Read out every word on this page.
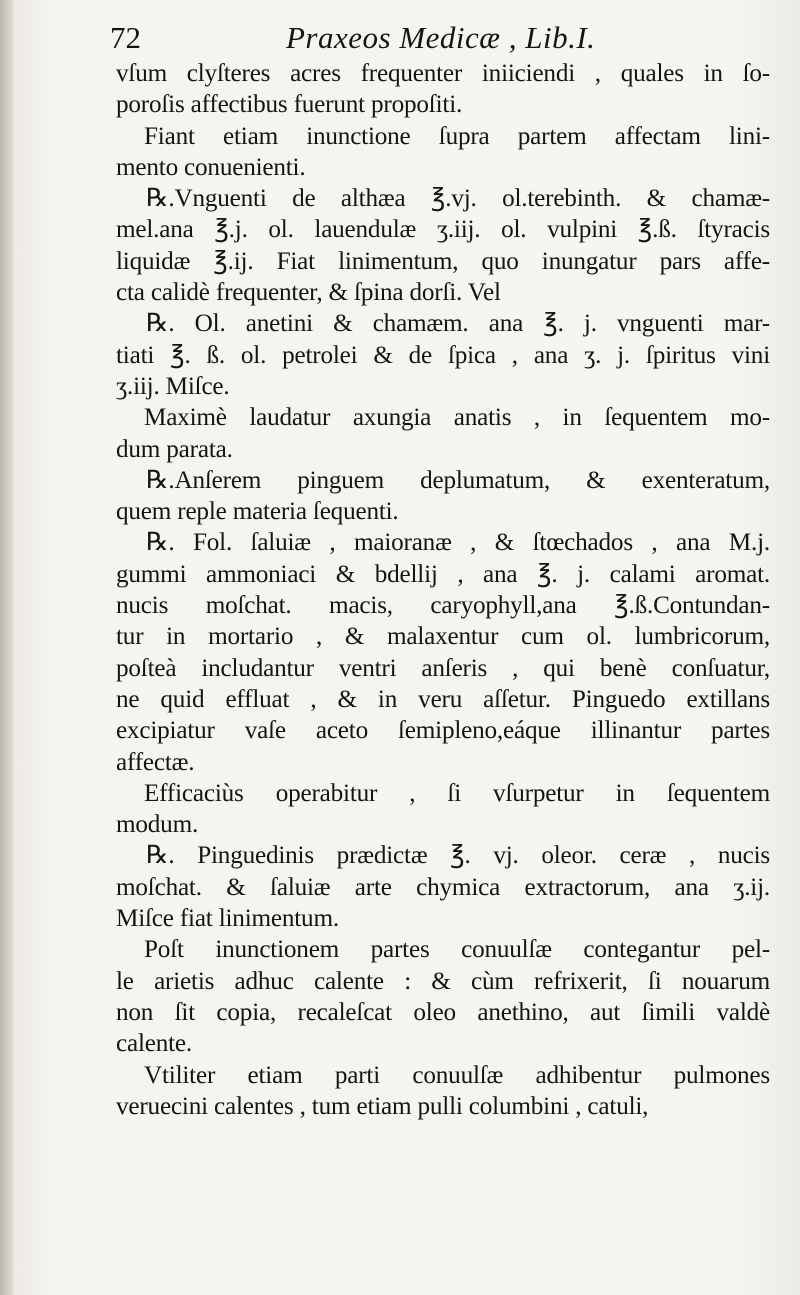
72	Praxeos Medicæ , Lib.I.
vſum clyſteres acres frequenter iniiciendi , quales in ſo-
poroſis affectibus fuerunt propoſiti.
Fiant etiam inunctione ſupra partem affectam lini-
mento conuenienti.
℞.Vnguenti de althæa ℥.vj. ol.terebinth. & chamæ-
mel.ana ℥.j. ol. lauendulæ ʒ.iij. ol. vulpini ℥.ß. ſtyracis
liquidæ ℥.ij. Fiat linimentum, quo inungatur pars affe-
cta calidè frequenter, & ſpina dorſi. Vel
℞. Ol. anetini & chamæm. ana ℥. j. vnguenti mar-
tiati ℥. ß. ol. petrolei & de ſpica , ana ʒ. j. ſpiritus vini
ʒ.iij. Miſce.
Maximè laudatur axungia anatis , in ſequentem mo-
dum parata.
℞.Anſerem pinguem deplumatum, & exenteratum,
quem reple materia ſequenti.
℞. Fol. ſaluiæ , maioranæ , & ſtœchados , ana M.j.
gummi ammoniaci & bdellij , ana ℥. j. calami aromat.
nucis moſchat. macis, caryophyll,ana ℥.ß.Contundan-
tur in mortario , & malaxentur cum ol. lumbricorum,
poſteà includantur ventri anſeris , qui benè conſuatur,
ne quid effluat , & in veru aſſetur. Pinguedo extillans
excipiatur vaſe aceto ſemipleno,eáque illinantur partes
affectæ.
Efficaciùs operabitur , ſi vſurpetur in ſequentem
modum.
℞. Pinguedinis prædictæ ℥. vj. oleor. ceræ , nucis
moſchat. & ſaluiæ arte chymica extractorum, ana ʒ.ij.
Miſce fiat linimentum.
Poſt inunctionem partes conuulſæ contegantur pel-
le arietis adhuc calente : & cùm refrixerit, ſi nouarum
non ſit copia, recaleſcat oleo anethino, aut ſimili valdè
calente.
Vtiliter etiam parti conuulſæ adhibentur pulmones
veruecini calentes , tum etiam pulli columbini , catuli,
